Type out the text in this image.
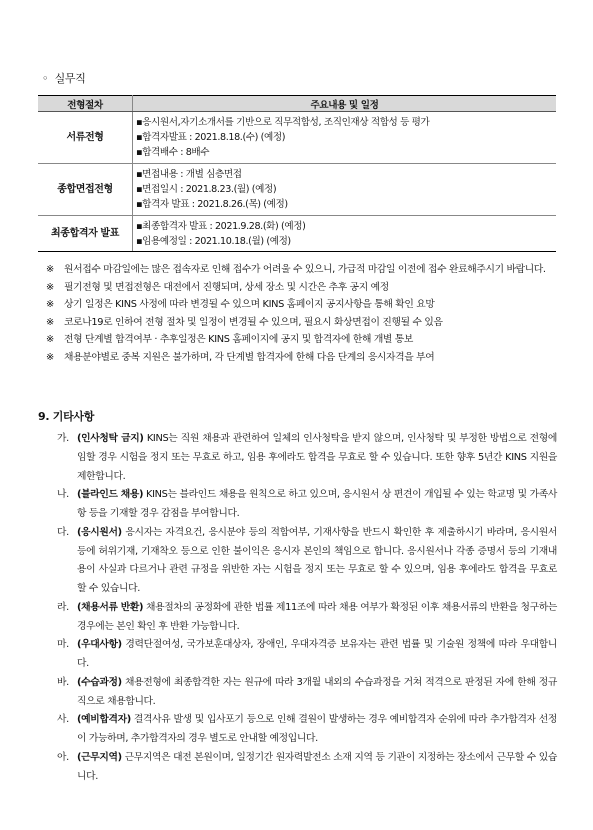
◦ 실무직
전형절차	주요내용 및 일정
서류전형	▪응시원서,자기소개서를 기반으로 직무적합성, 조직인재상 적합성 등 평가
▪합격자발표 : 2021.8.18.(수) (예정)
▪합격배수 : 8배수

종합면접전형	▪면접내용 : 개별 심층면접
▪면접일시 : 2021.8.23.(월) (예정)
▪합격자 발표 : 2021.8.26.(목) (예정)

최종합격자 발표	▪최종합격자 발표 : 2021.9.28.(화) (예정)
▪임용예정일 : 2021.10.18.(월) (예정)
※ 원서접수 마감일에는 많은 접속자로 인해 접수가 어려울 수 있으니, 가급적 마감일 이전에 접수 완료해주시기 바랍니다.
※ 필기전형 및 면접전형은 대전에서 진행되며, 상세 장소 및 시간은 추후 공지 예정
※ 상기 일정은 KINS 사정에 따라 변경될 수 있으며 KINS 홈페이지 공지사항을 통해 확인 요망
※ 코로나19로 인하여 전형 절차 및 일정이 변경될 수 있으며, 필요시 화상면접이 진행될 수 있음
※ 전형 단계별 합격여부 · 추후일정은 KINS 홈페이지에 공지 및 합격자에 한해 개별 통보
※ 채용분야별로 중복 지원은 불가하며, 각 단계별 합격자에 한해 다음 단계의 응시자격을 부여
9. 기타사항
가. (인사청탁 금지) KINS는 직원 채용과 관련하여 일체의 인사청탁을 받지 않으며, 인사청탁 및 부정한 방법으로 전형에 임할 경우 시험을 정지 또는 무효로 하고, 임용 후에라도 합격을 무효로 할 수 있습니다. 또한 향후 5년간 KINS 지원을 제한합니다.
나. (블라인드 채용) KINS는 블라인드 채용을 원칙으로 하고 있으며, 응시원서 상 편견이 개입될 수 있는 학교명 및 가족사항 등을 기재할 경우 감점을 부여합니다.
다. (응시원서) 응시자는 자격요건, 응시분야 등의 적합여부, 기재사항을 반드시 확인한 후 제출하시기 바라며, 응시원서 등에 허위기재, 기재착오 등으로 인한 불이익은 응시자 본인의 책임으로 합니다. 응시원서나 각종 증명서 등의 기재내용이 사실과 다르거나 관련 규정을 위반한 자는 시험을 정지 또는 무효로 할 수 있으며, 임용 후에라도 합격을 무효로 할 수 있습니다.
라. (채용서류 반환) 채용절차의 공정화에 관한 법률 제11조에 따라 채용 여부가 확정된 이후 채용서류의 반환을 청구하는 경우에는 본인 확인 후 반환 가능합니다.
마. (우대사항) 경력단절여성, 국가보훈대상자, 장애인, 우대자격증 보유자는 관련 법률 및 기술원 정책에 따라 우대합니다.
바. (수습과정) 채용전형에 최종합격한 자는 원규에 따라 3개월 내외의 수습과정을 거쳐 적격으로 판정된 자에 한해 정규직으로 채용합니다.
사. (예비합격자) 결격사유 발생 및 입사포기 등으로 인해 결원이 발생하는 경우 예비합격자 순위에 따라 추가합격자 선정이 가능하며, 추가합격자의 경우 별도로 안내할 예정입니다.
아. (근무지역) 근무지역은 대전 본원이며, 일정기간 원자력발전소 소재 지역 등 기관이 지정하는 장소에서 근무할 수 있습니다.
